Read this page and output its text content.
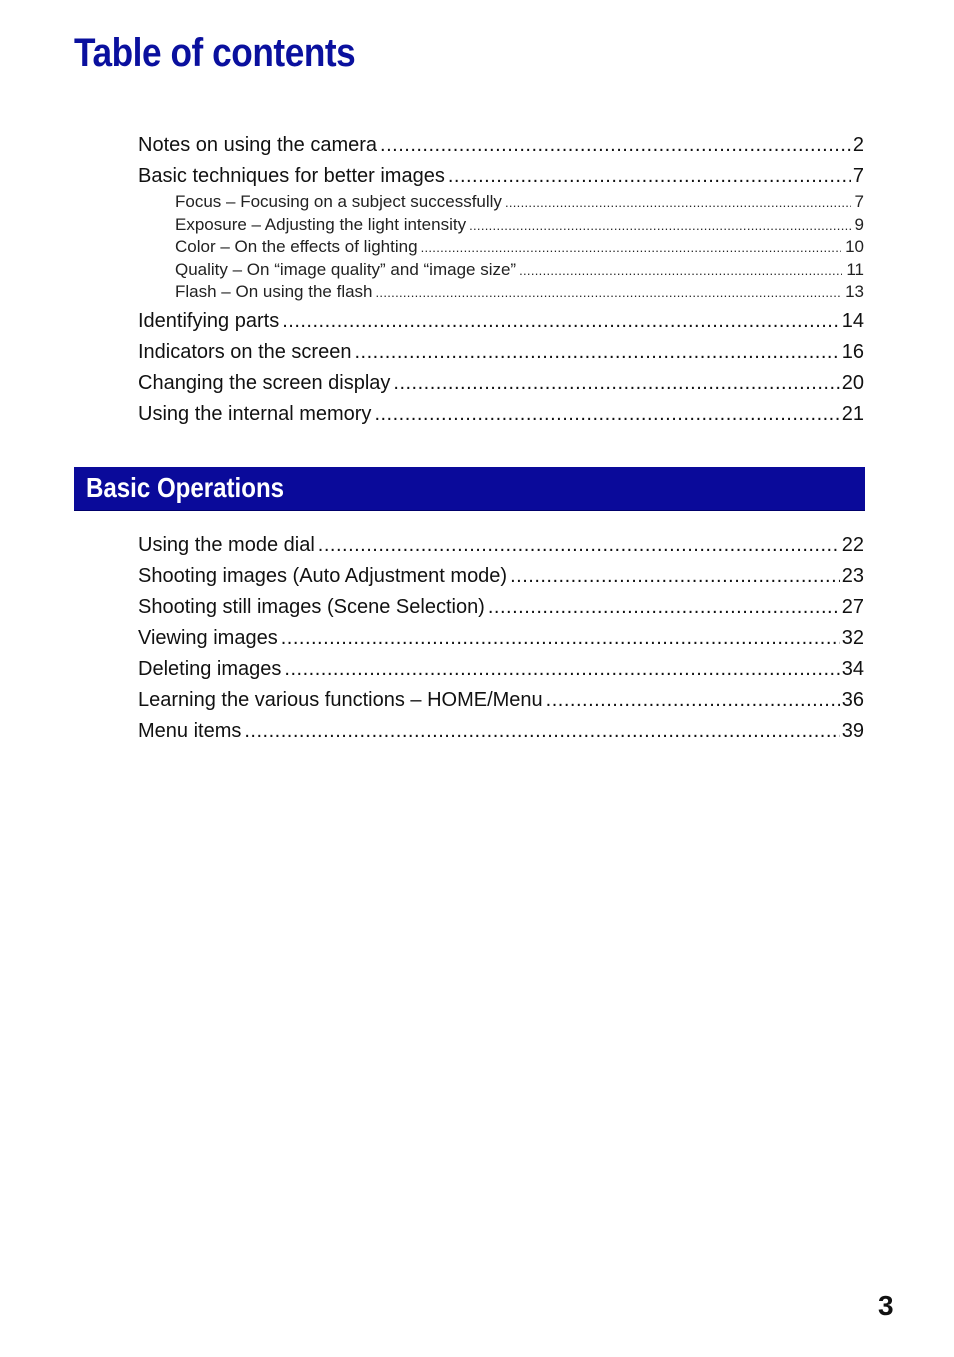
Table of contents
Notes on using the camera .....	2
Basic techniques for better images .....	7
Focus – Focusing on a subject successfully .....	7
Exposure – Adjusting the light intensity .....	9
Color – On the effects of lighting .....	10
Quality – On “image quality” and “image size” .....	11
Flash – On using the flash .....	13
Identifying parts .....	14
Indicators on the screen .....	16
Changing the screen display .....	20
Using the internal memory .....	21
Basic Operations
Using the mode dial .....	22
Shooting images (Auto Adjustment mode) .....	23
Shooting still images (Scene Selection) .....	27
Viewing images .....	32
Deleting images .....	34
Learning the various functions – HOME/Menu .....	36
Menu items .....	39
3
